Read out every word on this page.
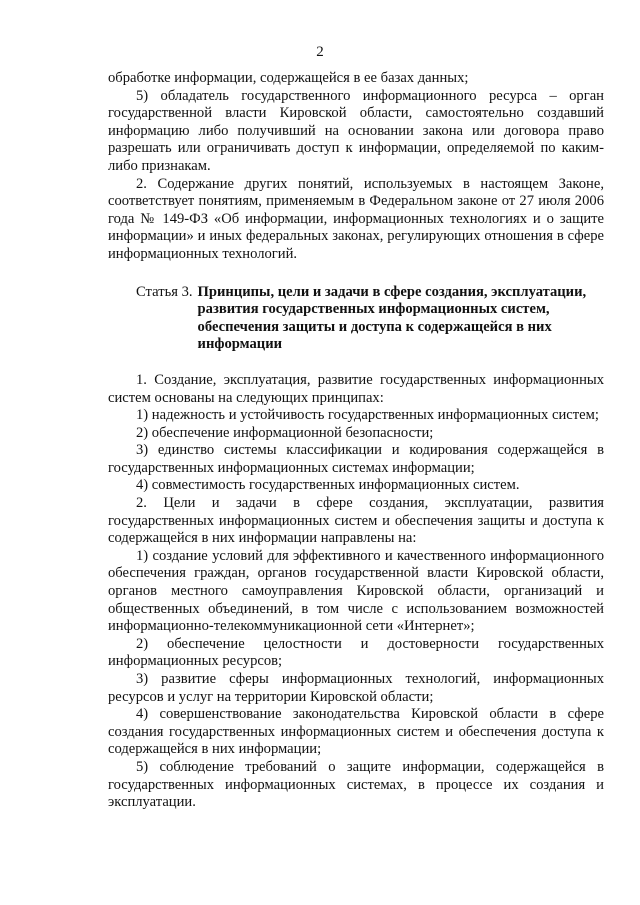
2

обработке информации, содержащейся в ее базах данных;

5) обладатель государственного информационного ресурса – орган государственной власти Кировской области, самостоятельно создавший информацию либо получивший на основании закона или договора право разрешать или ограничивать доступ к информации, определяемой по каким-либо признакам.

2. Содержание других понятий, используемых в настоящем Законе, соответствует понятиям, применяемым в Федеральном законе от 27 июля 2006 года № 149-ФЗ «Об информации, информационных технологиях и о защите информации» и иных федеральных законах, регулирующих отношения в сфере информационных технологий.

Статья 3. Принципы, цели и задачи в сфере создания, эксплуатации, развития государственных информационных систем, обеспечения защиты и доступа к содержащейся в них информации

1. Создание, эксплуатация, развитие государственных информационных систем основаны на следующих принципах:

1) надежность и устойчивость государственных информационных систем;

2) обеспечение информационной безопасности;

3) единство системы классификации и кодирования содержащейся в государственных информационных системах информации;

4) совместимость государственных информационных систем.

2. Цели и задачи в сфере создания, эксплуатации, развития государственных информационных систем и обеспечения защиты и доступа к содержащейся в них информации направлены на:

1) создание условий для эффективного и качественного информационного обеспечения граждан, органов государственной власти Кировской области, органов местного самоуправления Кировской области, организаций и общественных объединений, в том числе с использованием возможностей информационно-телекоммуникационной сети «Интернет»;

2) обеспечение целостности и достоверности государственных информационных ресурсов;

3) развитие сферы информационных технологий, информационных ресурсов и услуг на территории Кировской области;

4) совершенствование законодательства Кировской области в сфере создания государственных информационных систем и обеспечения доступа к содержащейся в них информации;

5) соблюдение требований о защите информации, содержащейся в государственных информационных системах, в процессе их создания и эксплуатации.
